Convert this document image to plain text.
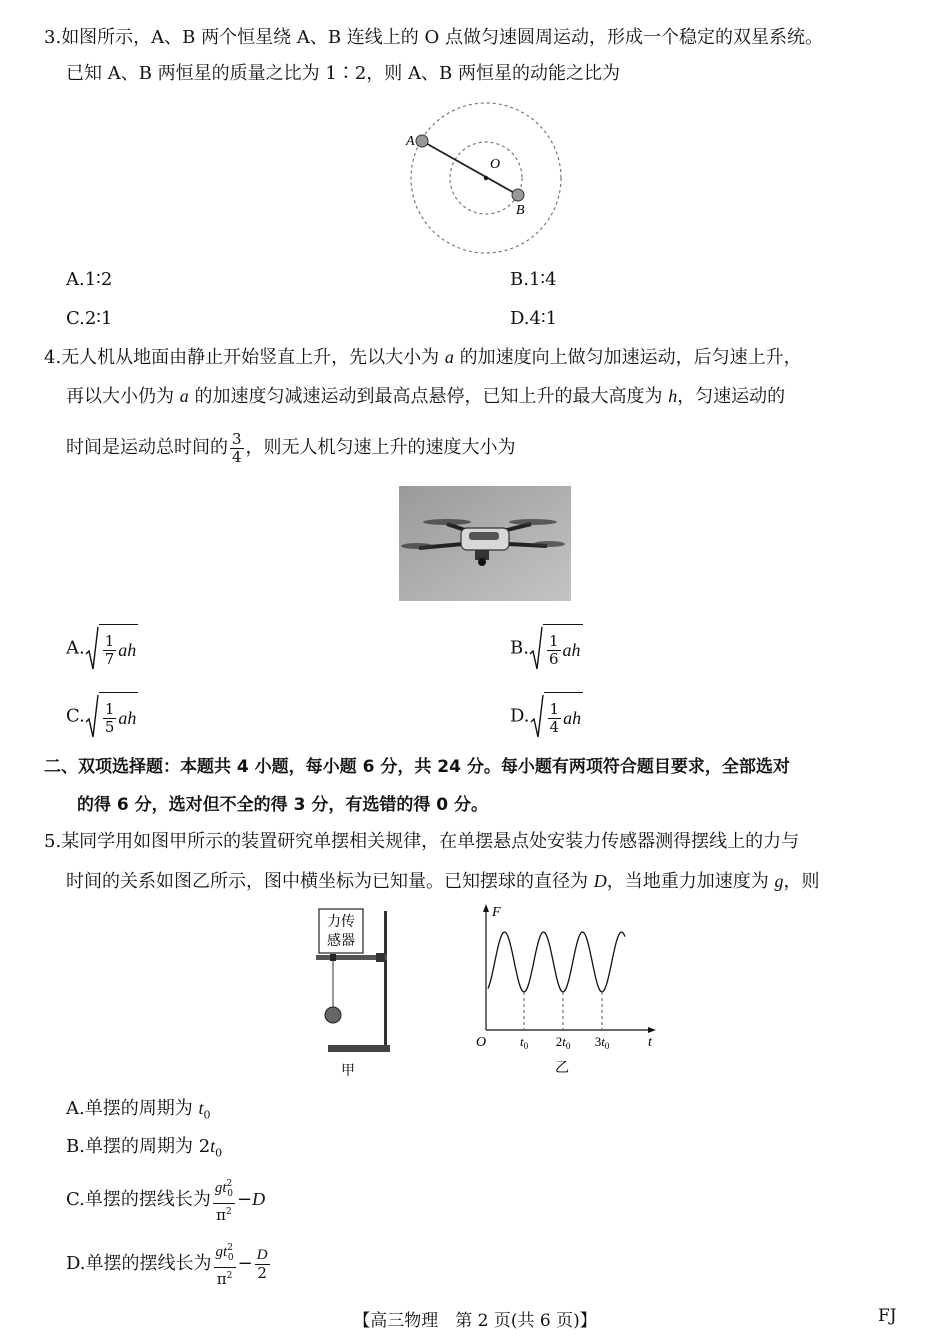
3.如图所示，A、B 两个恒星绕 A、B 连线上的 O 点做匀速圆周运动，形成一个稳定的双星系统。
已知 A、B 两恒星的质量之比为 1∶2，则 A、B 两恒星的动能之比为
A
O
B
A.1∶2	B.1∶4
C.2∶1	D.4∶1
4.无人机从地面由静止开始竖直上升，先以大小为 a 的加速度向上做匀加速运动，后匀速上升，
再以大小仍为 a 的加速度匀减速运动到最高点悬停，已知上升的最大高度为 h，匀速运动的
时间是运动总时间的 $\frac{3}{4}$ ，则无人机匀速上升的速度大小为
A. $\frac{1}{7}$ ah	B. $\frac{1}{6}$ ah
C. $\frac{1}{5}$ ah	D. $\frac{1}{4}$ ah
二、双项选择题：本题共 4 小题，每小题 6 分，共 24 分。每小题有两项符合题目要求，全部选对
的得 6 分，选对但不全的得 3 分，有选错的得 0 分。
5.某同学用如图甲所示的装置研究单摆相关规律，在单摆悬点处安装力传感器测得摆线上的力与
时间的关系如图乙所示，图中横坐标为已知量。已知摆球的直径为 D，当地重力加速度为 g，则
力传
感器
甲
F
t
O	$t_0$ $2t_0$ $3t_0$
乙
A.单摆的周期为 $t_0$
B.单摆的周期为 $2t_0$
C.单摆的摆线长为 $\frac{gt^2_0}{\pi^2} -D$
D.单摆的摆线长为 $\frac{gt^2_0}{\pi^2} - \frac{D}{2}$
【高三物理　第 2 页(共 6 页)】	FJ
